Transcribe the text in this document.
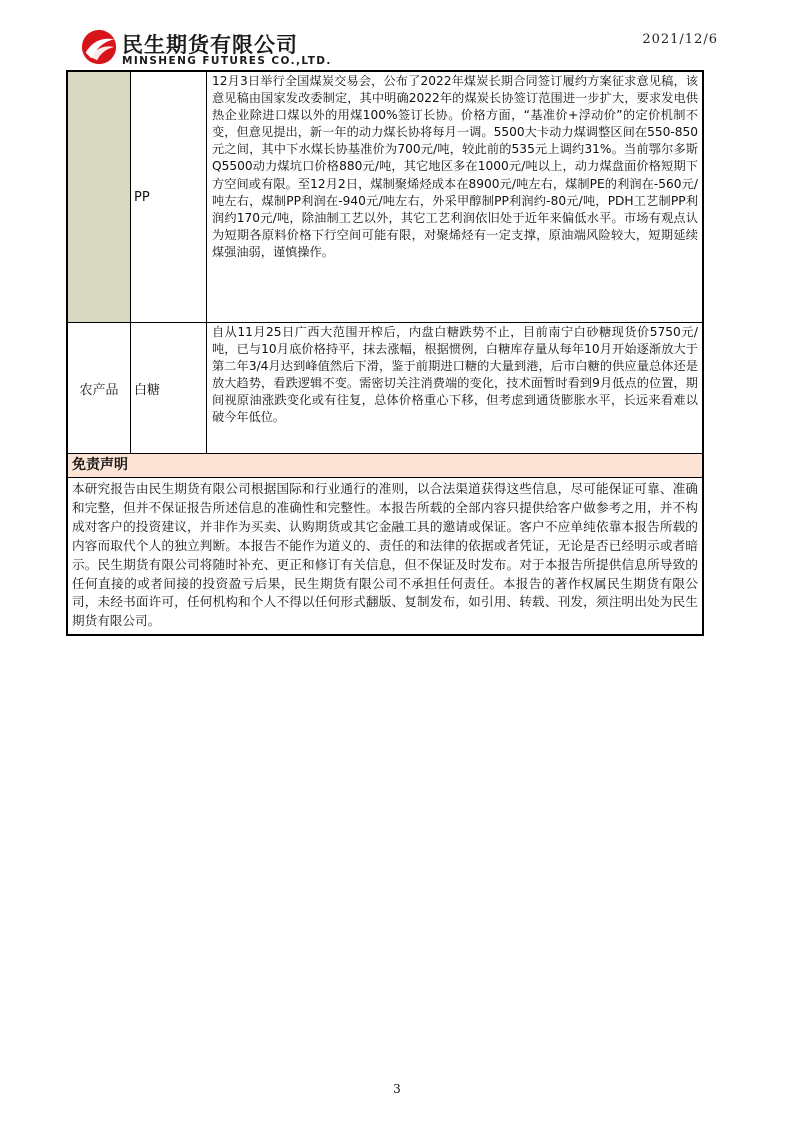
民生期货有限公司
MINSHENG FUTURES CO.,LTD.
2021/12/6
PP
12月3日举行全国煤炭交易会，公布了2022年煤炭长期合同签订履约方案征求意见稿，该意见稿由国家发改委制定，其中明确2022年的煤炭长协签订范围进一步扩大，要求发电供热企业除进口煤以外的用煤100%签订长协。价格方面，“基准价+浮动价”的定价机制不变，但意见提出，新一年的动力煤长协将每月一调。5500大卡动力煤调整区间在550-850元之间，其中下水煤长协基准价为700元/吨，较此前的535元上调约31%。当前鄂尔多斯Q5500动力煤坑口价格880元/吨，其它地区多在1000元/吨以上，动力煤盘面价格短期下方空间或有限。至12月2日，煤制聚烯烃成本在8900元/吨左右，煤制PE的利润在-560元/吨左右，煤制PP利润在-940元/吨左右，外采甲醇制PP利润约-80元/吨，PDH工艺制PP利润约170元/吨，除油制工艺以外，其它工艺利润依旧处于近年来偏低水平。市场有观点认为短期各原料价格下行空间可能有限，对聚烯烃有一定支撑，原油端风险较大，短期延续煤强油弱，谨慎操作。
农产品	白糖
自从11月25日广西大范围开榨后，内盘白糖跌势不止，目前南宁白砂糖现货价5750元/吨，已与10月底价格持平，抹去涨幅，根据惯例，白糖库存量从每年10月开始逐渐放大于第二年3/4月达到峰值然后下滑，鉴于前期进口糖的大量到港，后市白糖的供应量总体还是放大趋势，看跌逻辑不变。需密切关注消费端的变化，技术面暂时看到9月低点的位置，期间视原油涨跌变化或有往复，总体价格重心下移，但考虑到通货膨胀水平，长远来看难以破今年低位。
免责声明
本研究报告由民生期货有限公司根据国际和行业通行的准则，以合法渠道获得这些信息，尽可能保证可靠、准确和完整，但并不保证报告所述信息的准确性和完整性。本报告所载的全部内容只提供给客户做参考之用，并不构成对客户的投资建议，并非作为买卖、认购期货或其它金融工具的邀请或保证。客户不应单纯依靠本报告所载的内容而取代个人的独立判断。本报告不能作为道义的、责任的和法律的依据或者凭证，无论是否已经明示或者暗示。民生期货有限公司将随时补充、更正和修订有关信息，但不保证及时发布。对于本报告所提供信息所导致的任何直接的或者间接的投资盈亏后果，民生期货有限公司不承担任何责任。本报告的著作权属民生期货有限公司，未经书面许可，任何机构和个人不得以任何形式翻版、复制发布，如引用、转载、刊发，须注明出处为民生期货有限公司。
3
